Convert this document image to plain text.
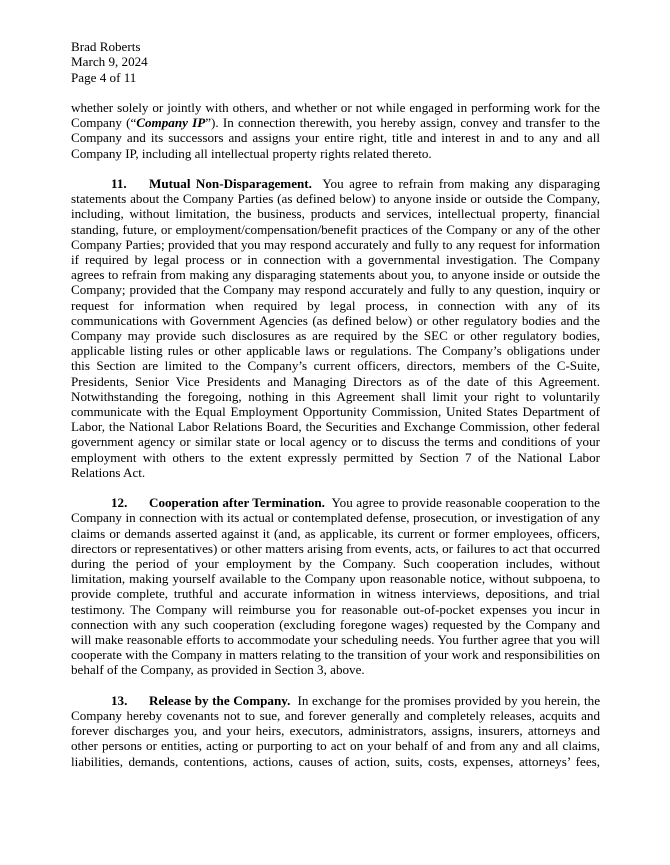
Brad Roberts
March 9, 2024
Page 4 of 11

whether solely or jointly with others, and whether or not while engaged in performing work for the Company (“Company IP”). In connection therewith, you hereby assign, convey and transfer to the Company and its successors and assigns your entire right, title and interest in and to any and all Company IP, including all intellectual property rights related thereto.

11. Mutual Non-Disparagement. You agree to refrain from making any disparaging statements about the Company Parties (as defined below) to anyone inside or outside the Company, including, without limitation, the business, products and services, intellectual property, financial standing, future, or employment/compensation/benefit practices of the Company or any of the other Company Parties; provided that you may respond accurately and fully to any request for information if required by legal process or in connection with a governmental investigation. The Company agrees to refrain from making any disparaging statements about you, to anyone inside or outside the Company; provided that the Company may respond accurately and fully to any question, inquiry or request for information when required by legal process, in connection with any of its communications with Government Agencies (as defined below) or other regulatory bodies and the Company may provide such disclosures as are required by the SEC or other regulatory bodies, applicable listing rules or other applicable laws or regulations. The Company’s obligations under this Section are limited to the Company’s current officers, directors, members of the C-Suite, Presidents, Senior Vice Presidents and Managing Directors as of the date of this Agreement. Notwithstanding the foregoing, nothing in this Agreement shall limit your right to voluntarily communicate with the Equal Employment Opportunity Commission, United States Department of Labor, the National Labor Relations Board, the Securities and Exchange Commission, other federal government agency or similar state or local agency or to discuss the terms and conditions of your employment with others to the extent expressly permitted by Section 7 of the National Labor Relations Act.

12. Cooperation after Termination. You agree to provide reasonable cooperation to the Company in connection with its actual or contemplated defense, prosecution, or investigation of any claims or demands asserted against it (and, as applicable, its current or former employees, officers, directors or representatives) or other matters arising from events, acts, or failures to act that occurred during the period of your employment by the Company. Such cooperation includes, without limitation, making yourself available to the Company upon reasonable notice, without subpoena, to provide complete, truthful and accurate information in witness interviews, depositions, and trial testimony. The Company will reimburse you for reasonable out-of-pocket expenses you incur in connection with any such cooperation (excluding foregone wages) requested by the Company and will make reasonable efforts to accommodate your scheduling needs. You further agree that you will cooperate with the Company in matters relating to the transition of your work and responsibilities on behalf of the Company, as provided in Section 3, above.

13. Release by the Company. In exchange for the promises provided by you herein, the Company hereby covenants not to sue, and forever generally and completely releases, acquits and forever discharges you, and your heirs, executors, administrators, assigns, insurers, attorneys and other persons or entities, acting or purporting to act on your behalf of and from any and all claims, liabilities, demands, contentions, actions, causes of action, suits, costs, expenses, attorneys’ fees,
